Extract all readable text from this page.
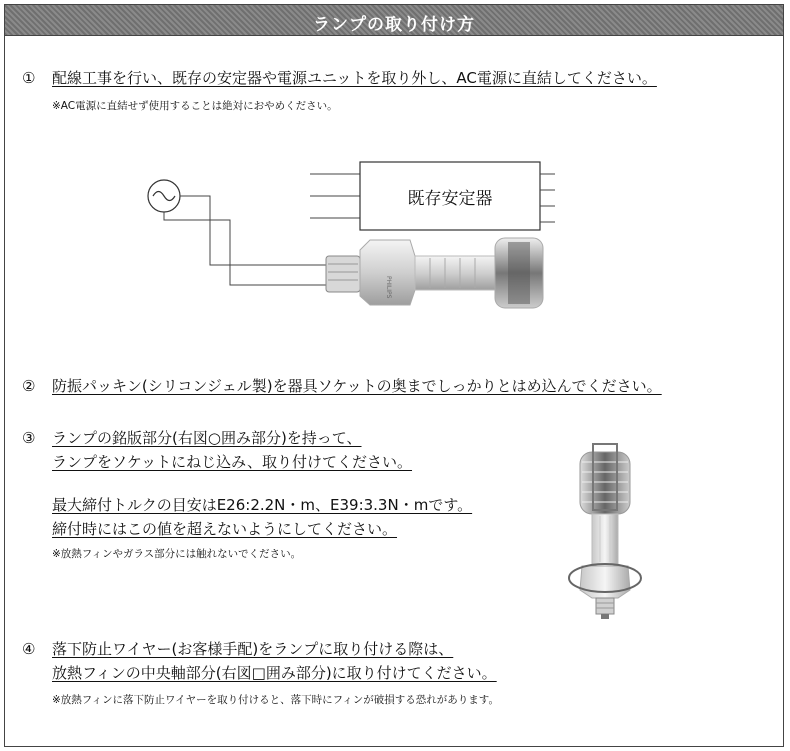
ランプの取り付け方
① 配線工事を行い、既存の安定器や電源ユニットを取り外し、AC電源に直結してください。
※AC電源に直結せず使用することは絶対におやめください。
既存安定器
PHILIPS
② 防振パッキン(シリコンジェル製)を器具ソケットの奥までしっかりとはめ込んでください。
③ ランプの銘版部分(右図○囲み部分)を持って、
ランプをソケットにねじ込み、取り付けてください。
最大締付トルクの目安はE26:2.2N・m、E39:3.3N・mです。
締付時にはこの値を超えないようにしてください。
※放熱フィンやガラス部分には触れないでください。
④ 落下防止ワイヤー(お客様手配)をランプに取り付ける際は、
放熱フィンの中央軸部分(右図□囲み部分)に取り付けてください。
※放熱フィンに落下防止ワイヤーを取り付けると、落下時にフィンが破損する恐れがあります。
